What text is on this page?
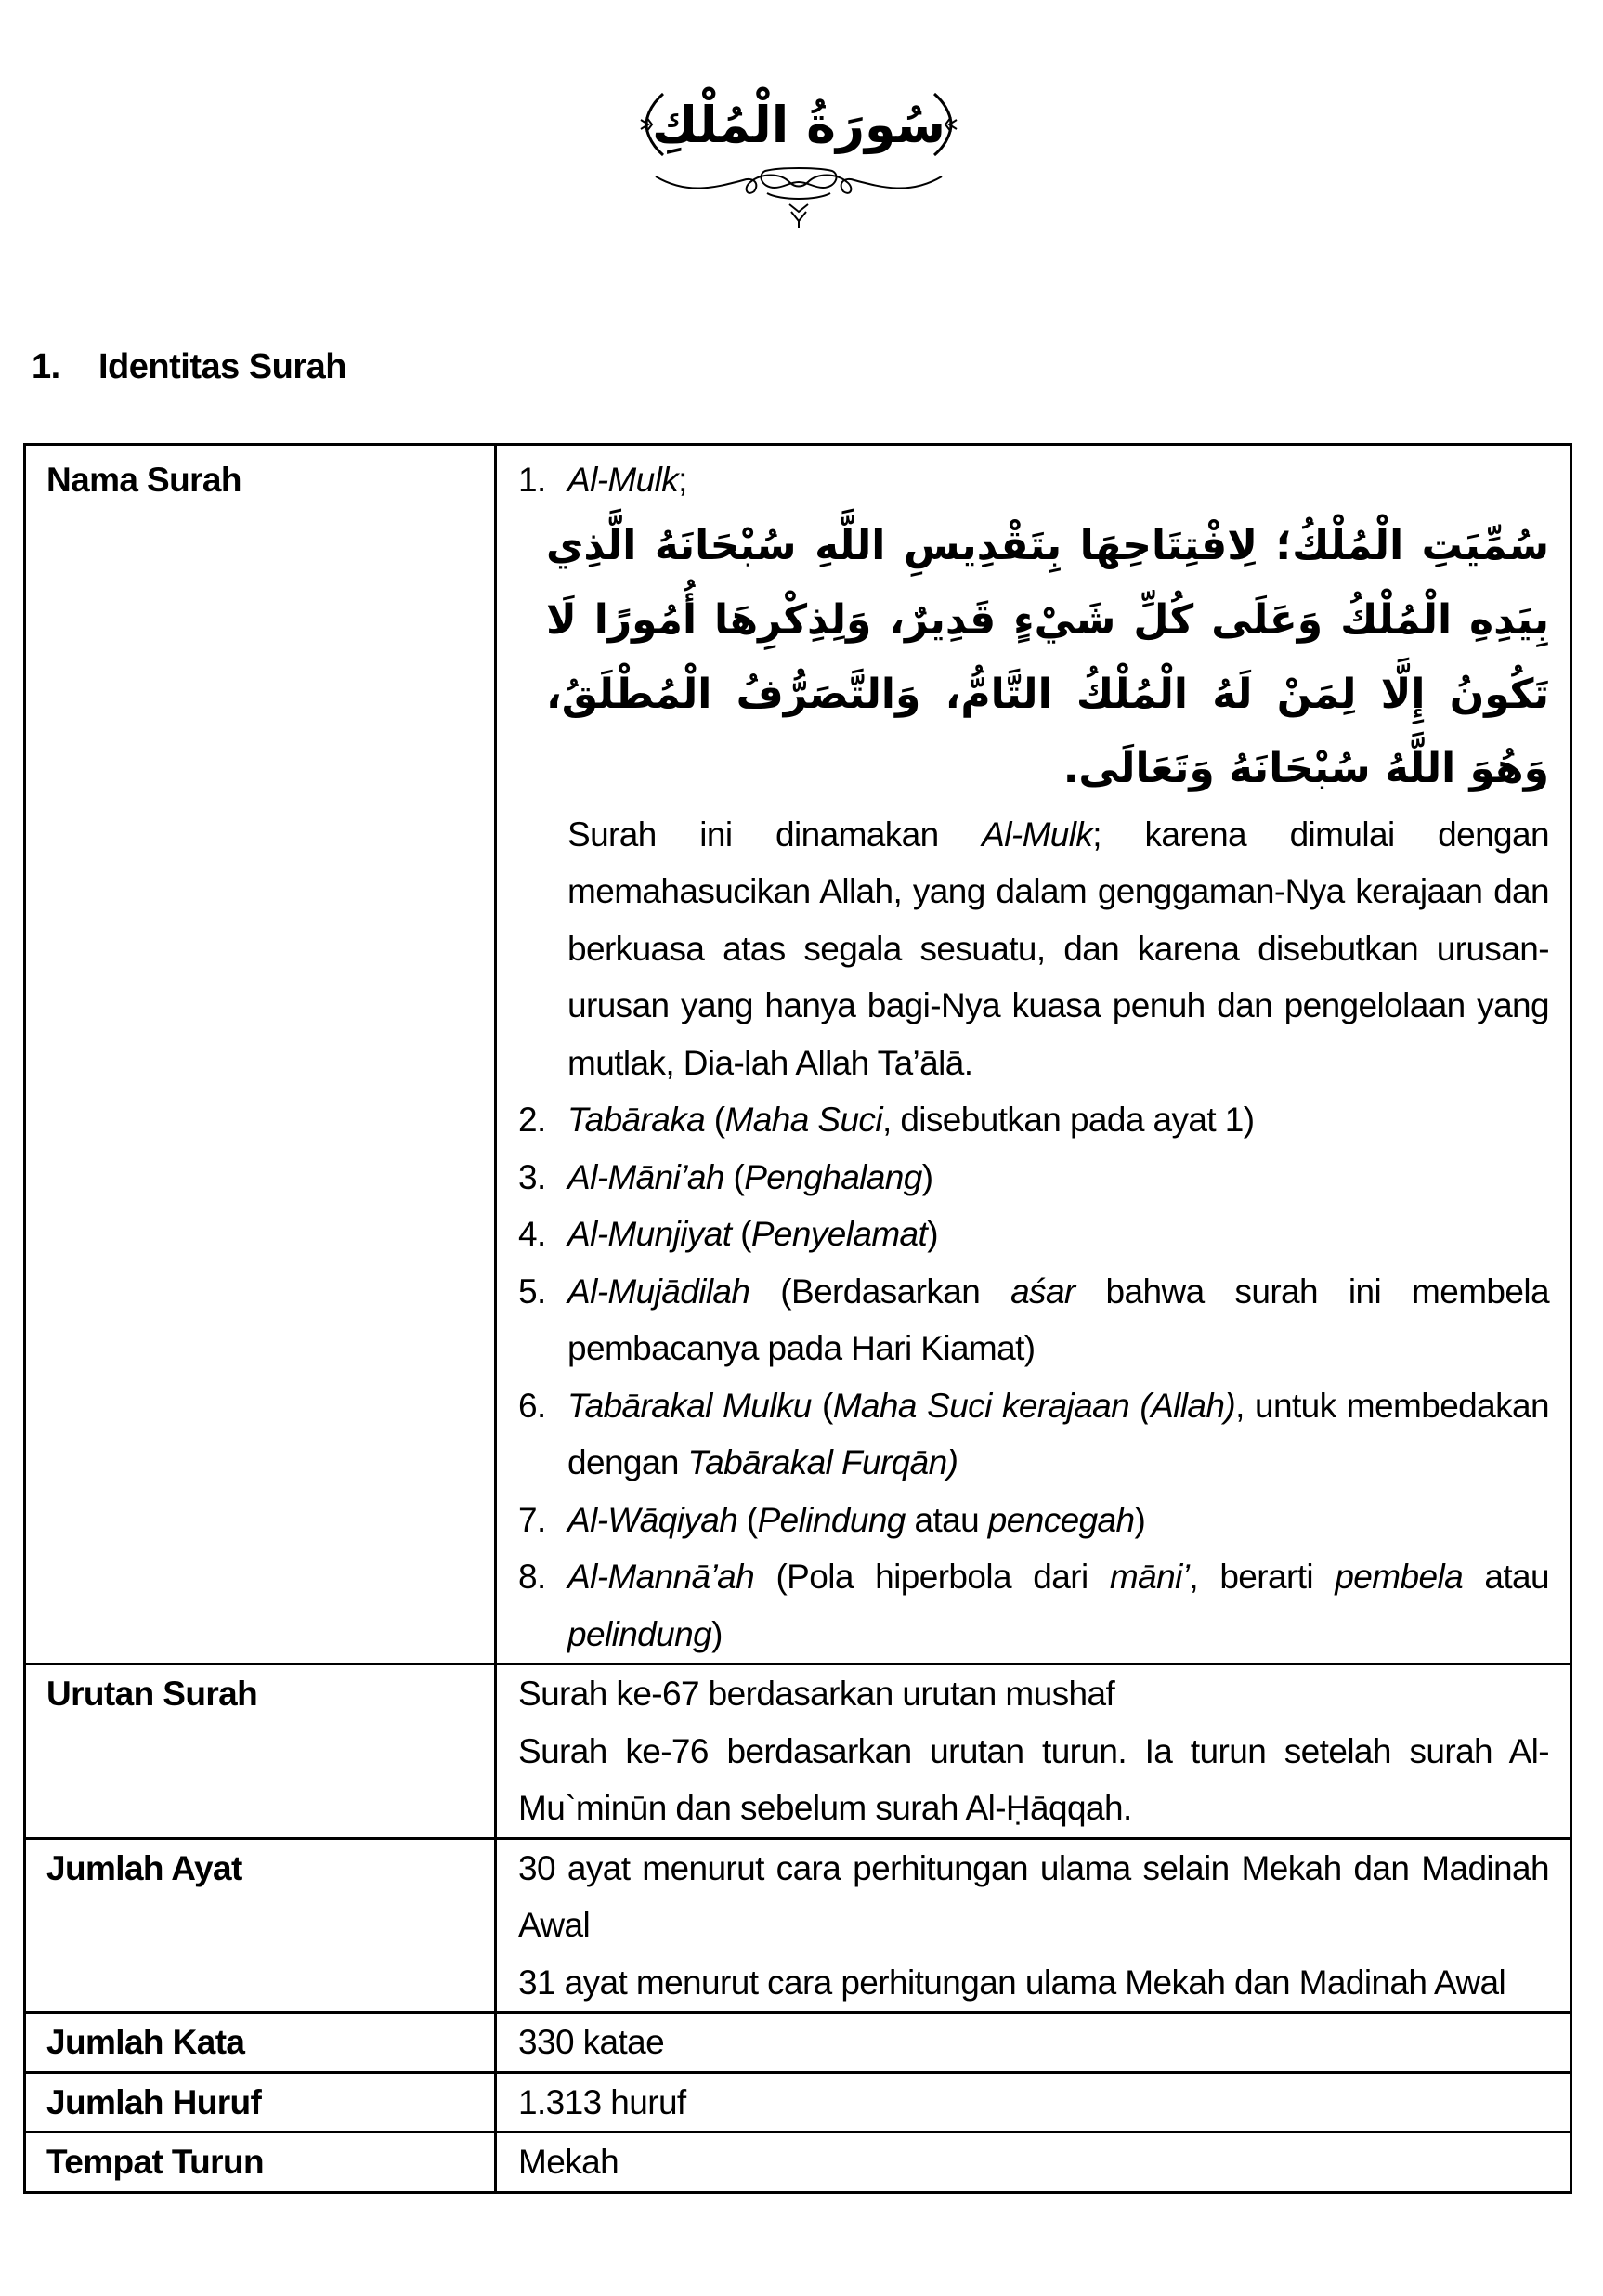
سُورَةُ الْمُلْكِ
1. Identitas Surah
Nama Surah	1. Al-Mulk;
سُمِّيَتِ الْمُلْكُ؛ لِافْتِتَاحِهَا بِتَقْدِيسِ اللَّهِ سُبْحَانَهُ الَّذِي بِيَدِهِ الْمُلْكُ وَعَلَى كُلِّ شَيْءٍ قَدِيرٌ، وَلِذِكْرِهَا أُمُورًا لَا تَكُونُ إِلَّا لِمَنْ لَهُ الْمُلْكُ التَّامُّ، وَالتَّصَرُّفُ الْمُطْلَقُ، وَهُوَ اللَّهُ سُبْحَانَهُ وَتَعَالَى.
Surah ini dinamakan Al-Mulk; karena dimulai dengan memahasucikan Allah, yang dalam genggaman-Nya kerajaan dan berkuasa atas segala sesuatu, dan karena disebutkan urusan-urusan yang hanya bagi-Nya kuasa penuh dan pengelolaan yang mutlak, Dia-lah Allah Ta’ālā.
2. Tabāraka (Maha Suci, disebutkan pada ayat 1)
3. Al-Māni’ah (Penghalang)
4. Al-Munjiyat (Penyelamat)
5. Al-Mujādilah (Berdasarkan aśar bahwa surah ini membela pembacanya pada Hari Kiamat)
6. Tabārakal Mulku (Maha Suci kerajaan (Allah), untuk membedakan dengan Tabārakal Furqān)
7. Al-Wāqiyah (Pelindung atau pencegah)
8. Al-Mannā’ah (Pola hiperbola dari māni’, berarti pembela atau pelindung)

Urutan Surah	Surah ke-67 berdasarkan urutan mushaf
Surah ke-76 berdasarkan urutan turun. Ia turun setelah surah Al-Mu`minūn dan sebelum surah Al-Ḥāqqah.

Jumlah Ayat	30 ayat menurut cara perhitungan ulama selain Mekah dan Madinah Awal
31 ayat menurut cara perhitungan ulama Mekah dan Madinah Awal

Jumlah Kata	330 katae
Jumlah Huruf	1.313 huruf
Tempat Turun	Mekah
